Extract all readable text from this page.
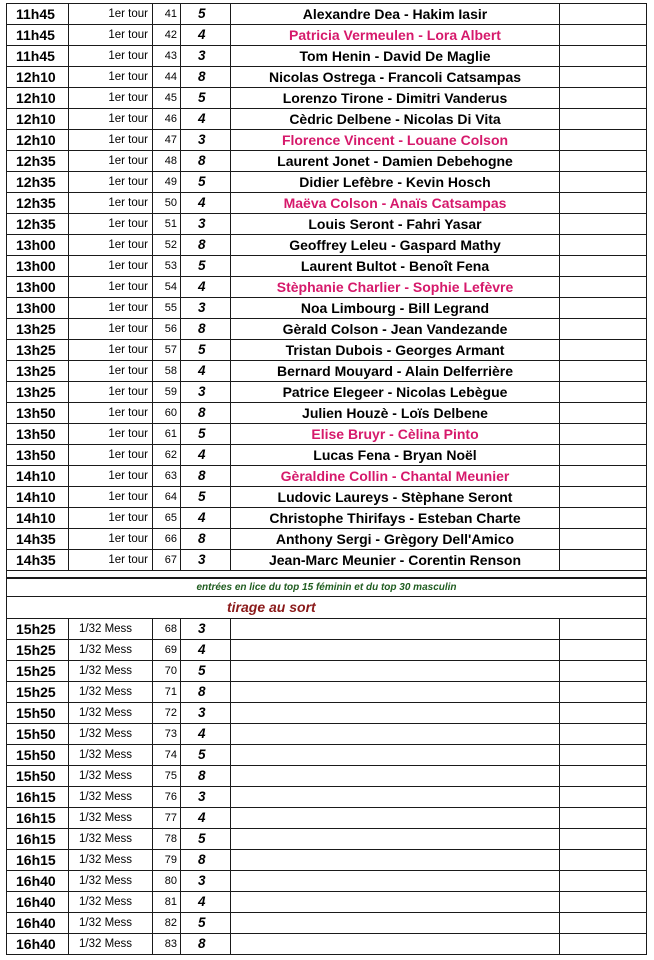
11h45	1er tour	41	5	Alexandre Dea - Hakim Iasir	
11h45	1er tour	42	4	Patricia Vermeulen - Lora Albert	
11h45	1er tour	43	3	Tom Henin - David De Maglie	
12h10	1er tour	44	8	Nicolas Ostrega - Francoli Catsampas	
12h10	1er tour	45	5	Lorenzo Tirone - Dimitri Vanderus	
12h10	1er tour	46	4	Cèdric Delbene - Nicolas Di Vita	
12h10	1er tour	47	3	Florence Vincent - Louane Colson	
12h35	1er tour	48	8	Laurent Jonet - Damien Debehogne	
12h35	1er tour	49	5	Didier Lefèbre - Kevin Hosch	
12h35	1er tour	50	4	Maëva Colson - Anaïs Catsampas	
12h35	1er tour	51	3	Louis Seront - Fahri Yasar	
13h00	1er tour	52	8	Geoffrey Leleu - Gaspard Mathy	
13h00	1er tour	53	5	Laurent Bultot - Benoît Fena	
13h00	1er tour	54	4	Stèphanie Charlier - Sophie Lefèvre	
13h00	1er tour	55	3	Noa Limbourg - Bill Legrand	
13h25	1er tour	56	8	Gèrald Colson - Jean Vandezande	
13h25	1er tour	57	5	Tristan Dubois - Georges Armant	
13h25	1er tour	58	4	Bernard Mouyard - Alain Delferrière	
13h25	1er tour	59	3	Patrice Elegeer - Nicolas Lebègue	
13h50	1er tour	60	8	Julien Houzè - Loïs Delbene	
13h50	1er tour	61	5	Elise Bruyr - Cèlina Pinto	
13h50	1er tour	62	4	Lucas Fena - Bryan Noël	
14h10	1er tour	63	8	Gèraldine Collin - Chantal Meunier	
14h10	1er tour	64	5	Ludovic Laureys - Stèphane Seront	
14h10	1er tour	65	4	Christophe Thirifays - Esteban Charte	
14h35	1er tour	66	8	Anthony Sergi - Grègory Dell'Amico	
14h35	1er tour	67	3	Jean-Marc Meunier - Corentin Renson	

entrées en lice du top 15 féminin et du top 30 masculin					
tirage au sort					
15h25	1/32 Mess	68	3		
15h25	1/32 Mess	69	4		
15h25	1/32 Mess	70	5		
15h25	1/32 Mess	71	8		
15h50	1/32 Mess	72	3		
15h50	1/32 Mess	73	4		
15h50	1/32 Mess	74	5		
15h50	1/32 Mess	75	8		
16h15	1/32 Mess	76	3		
16h15	1/32 Mess	77	4		
16h15	1/32 Mess	78	5		
16h15	1/32 Mess	79	8		
16h40	1/32 Mess	80	3		
16h40	1/32 Mess	81	4		
16h40	1/32 Mess	82	5		
16h40	1/32 Mess	83	8		
